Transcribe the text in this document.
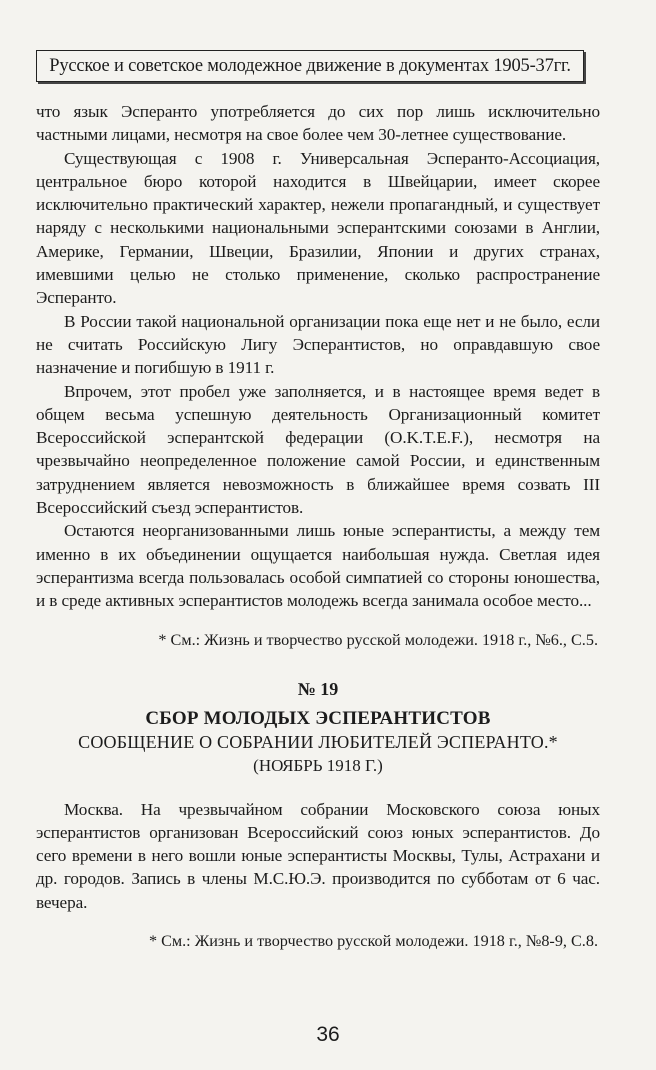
Русское и советское молодежное движение в документах 1905-37гг.

что язык Эсперанто употребляется до сих пор лишь исключительно частными лицами, несмотря на свое более чем 30-летнее существование.

Существующая с 1908 г. Универсальная Эсперанто-Ассоциация, центральное бюро которой находится в Швейцарии, имеет скорее исключительно практический характер, нежели пропагандный, и существует наряду с несколькими национальными эсперантскими союзами в Англии, Америке, Германии, Швеции, Бразилии, Японии и других странах, имевшими целью не столько применение, сколько распространение Эсперанто.

В России такой национальной организации пока еще нет и не было, если не считать Российскую Лигу Эсперантистов, но оправдавшую свое назначение и погибшую в 1911 г.

Впрочем, этот пробел уже заполняется, и в настоящее время ведет в общем весьма успешную деятельность Организационный комитет Всероссийской эсперантской федерации (O.K.T.E.F.), несмотря на чрезвычайно неопределенное положение самой России, и единственным затруднением является невозможность в ближайшее время созвать III Всероссийский съезд эсперантистов.

Остаются неорганизованными лишь юные эсперантисты, а между тем именно в их объединении ощущается наибольшая нужда. Светлая идея эсперантизма всегда пользовалась особой симпатией со стороны юношества, и в среде активных эсперантистов молодежь всегда занимала особое место...

* См.: Жизнь и творчество русской молодежи. 1918 г., №6., С.5.

№ 19
СБОР МОЛОДЫХ ЭСПЕРАНТИСТОВ
СООБЩЕНИЕ О СОБРАНИИ ЛЮБИТЕЛЕЙ ЭСПЕРАНТО.*
(НОЯБРЬ 1918 Г.)

Москва. На чрезвычайном собрании Московского союза юных эсперантистов организован Всероссийский союз юных эсперантистов. До сего времени в него вошли юные эсперантисты Москвы, Тулы, Астрахани и др. городов. Запись в члены М.С.Ю.Э. производится по субботам от 6 час. вечера.

* См.: Жизнь и творчество русской молодежи. 1918 г., №8-9, С.8.

36
